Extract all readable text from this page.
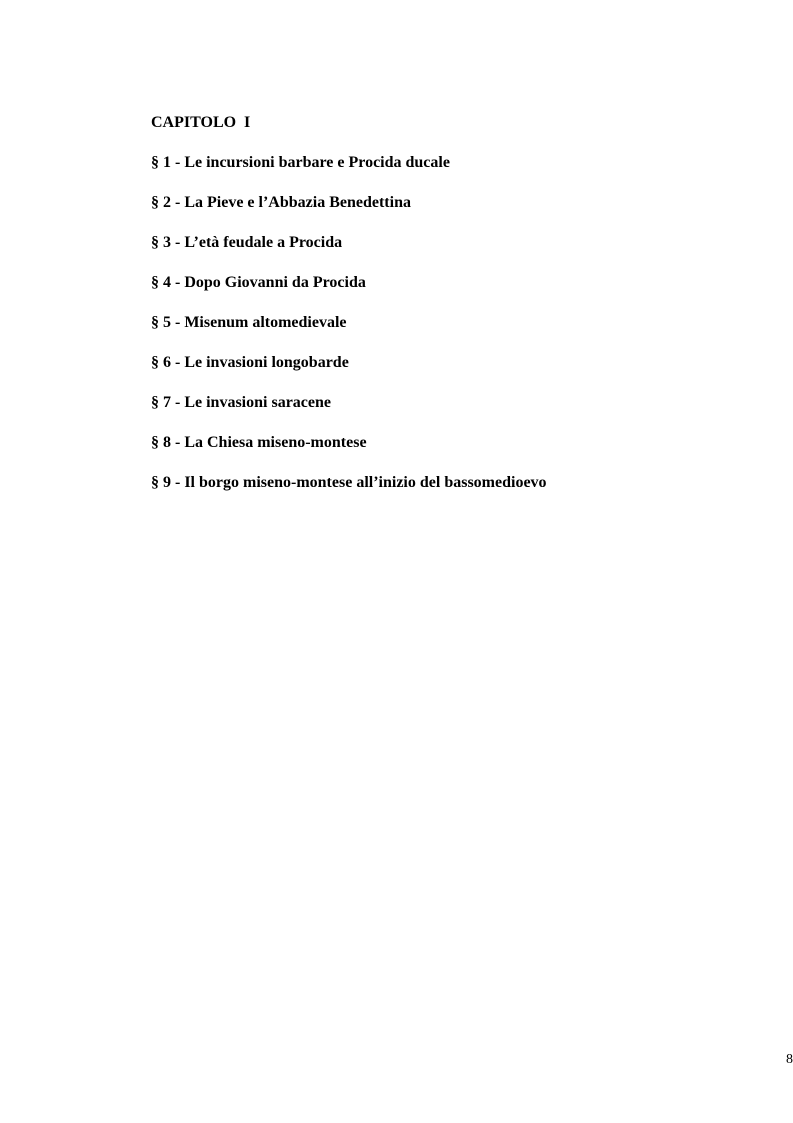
CAPITOLO  I
§ 1 - Le incursioni barbare e Procida ducale
§ 2 - La Pieve e l’Abbazia Benedettina
§ 3 - L’età feudale a Procida
§ 4 - Dopo Giovanni da Procida
§ 5 - Misenum altomedievale
§ 6 - Le invasioni longobarde
§ 7 - Le invasioni saracene
§ 8 - La Chiesa miseno-montese
§ 9 - Il borgo miseno-montese all’inizio del bassomedioevo
8
